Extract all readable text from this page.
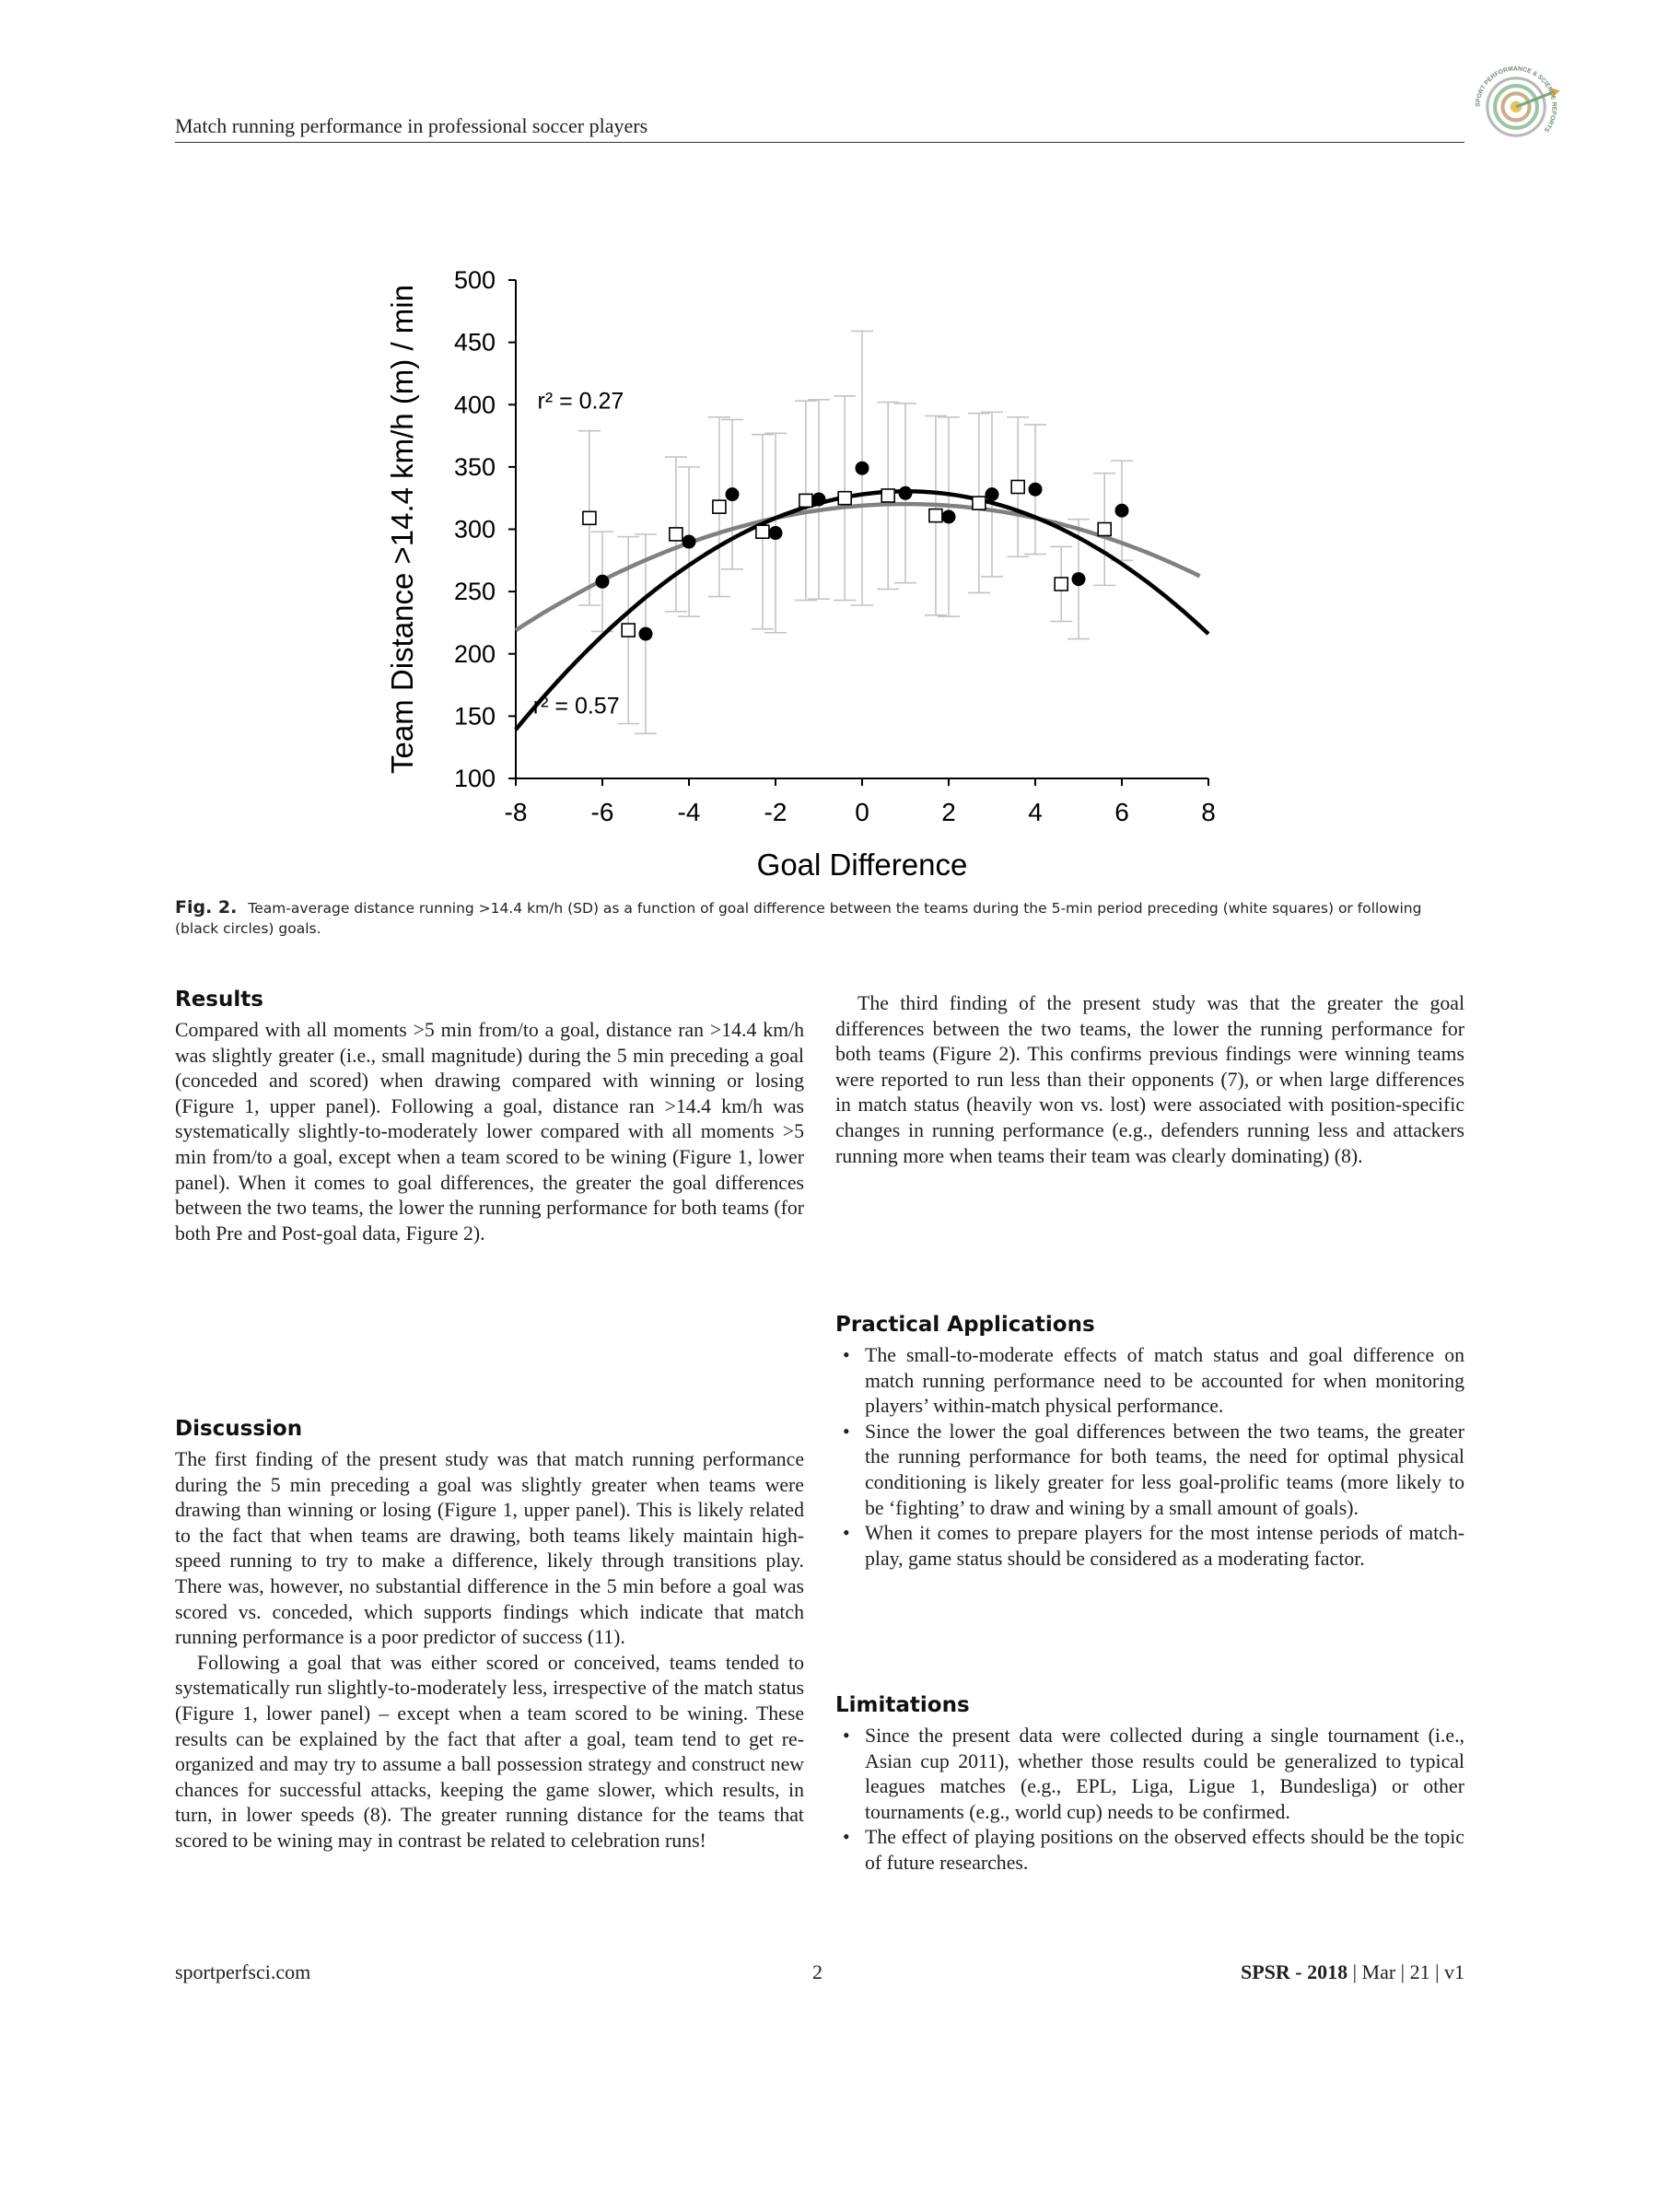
Match running performance in professional soccer players
SPORT PERFORMANCE & SCIENCE REPORTS
100
150
200
250
300
350
400
450
500
-8 -6 -4 -2	0	2	4	6	8
Goal Difference
Team Distance >14.4 km/h (m) / min	r² = 0.27
r² = 0.57
Fig. 2. Team-average distance running >14.4 km/h (SD) as a function of goal difference between the teams during the 5-min period preceding (white squares) or following (black circles) goals.
Results

Compared with all moments >5 min from/to a goal, distance ran >14.4 km/h was slightly greater (i.e., small magnitude) during the 5 min preceding a goal (conceded and scored) when drawing compared with winning or losing (Figure 1, upper panel). Following a goal, distance ran >14.4 km/h was systematically slightly-to-moderately lower compared with all moments >5 min from/to a goal, except when a team scored to be wining (Figure 1, lower panel). When it comes to goal differences, the greater the goal differences between the two teams, the lower the running performance for both teams (for both Pre and Post-goal data, Figure 2).

Discussion

The first finding of the present study was that match running performance during the 5 min preceding a goal was slightly greater when teams were drawing than winning or losing (Figure 1, upper panel). This is likely related to the fact that when teams are drawing, both teams likely maintain high-speed running to try to make a difference, likely through transitions play. There was, however, no substantial difference in the 5 min before a goal was scored vs. conceded, which supports findings which indicate that match running performance is a poor predictor of success (11).

Following a goal that was either scored or conceived, teams tended to systematically run slightly-to-moderately less, irrespective of the match status (Figure 1, lower panel) – except when a team scored to be wining. These results can be explained by the fact that after a goal, team tend to get re-organized and may try to assume a ball possession strategy and construct new chances for successful attacks, keeping the game slower, which results, in turn, in lower speeds (8). The greater running distance for the teams that scored to be wining may in contrast be related to celebration runs!

The third finding of the present study was that the greater the goal differences between the two teams, the lower the running performance for both teams (Figure 2). This confirms previous findings were winning teams were reported to run less than their opponents (7), or when large differences in match status (heavily won vs. lost) were associated with position-specific changes in running performance (e.g., defenders running less and attackers running more when teams their team was clearly dominating) (8).

Practical Applications
• The small-to-moderate effects of match status and goal difference on match running performance need to be accounted for when monitoring players’ within-match physical performance.
• Since the lower the goal differences between the two teams, the greater the running performance for both teams, the need for optimal physical conditioning is likely greater for less goal-prolific teams (more likely to be ‘fighting’ to draw and wining by a small amount of goals).
• When it comes to prepare players for the most intense periods of match-play, game status should be considered as a moderating factor.
Limitations
• Since the present data were collected during a single tournament (i.e., Asian cup 2011), whether those results could be generalized to typical leagues matches (e.g., EPL, Liga, Ligue 1, Bundesliga) or other tournaments (e.g., world cup) needs to be confirmed.
• The effect of playing positions on the observed effects should be the topic of future researches.
sportperfsci.com	2	SPSR - 2018 | Mar | 21 | v1
